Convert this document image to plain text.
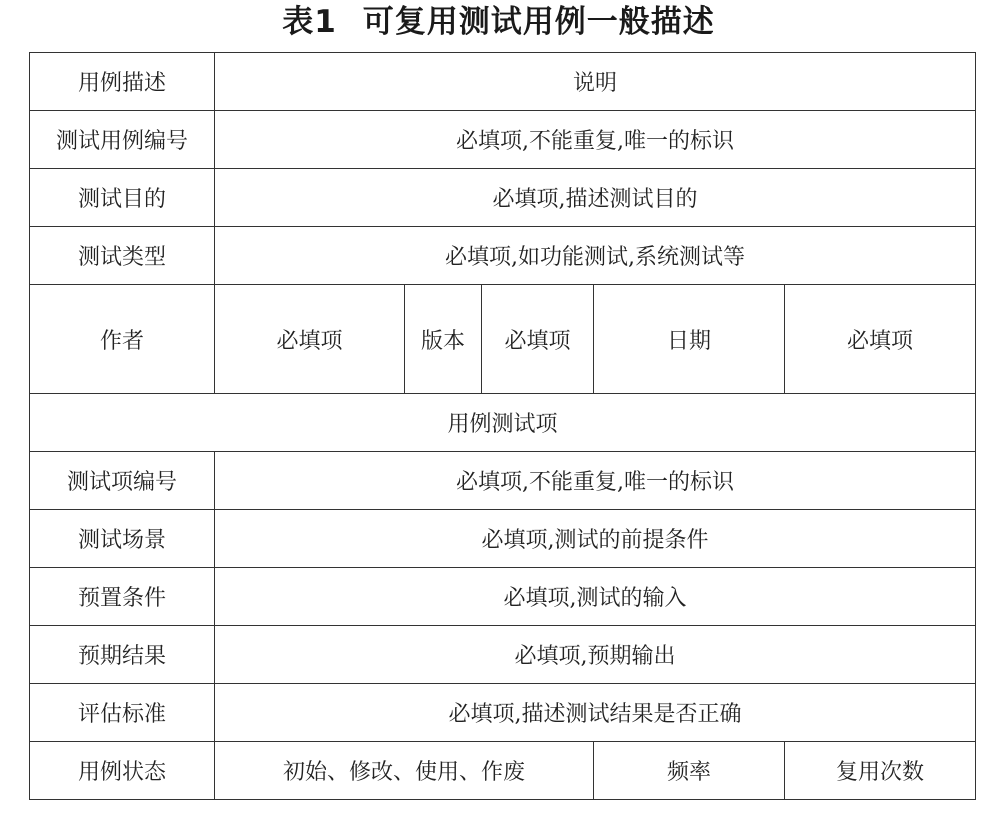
表1 可复用测试用例一般描述
用例描述	说明				
测试用例编号	必填项,不能重复,唯一的标识				
测试目的	必填项,描述测试目的				
测试类型	必填项,如功能测试,系统测试等				
作者	必填项	版本	必填项	日期	必填项
用例测试项					
测试项编号	必填项,不能重复,唯一的标识				
测试场景	必填项,测试的前提条件				
预置条件	必填项,测试的输入				
预期结果	必填项,预期输出				
评估标准	必填项,描述测试结果是否正确				
用例状态	初始、修改、使用、作废			频率	复用次数
